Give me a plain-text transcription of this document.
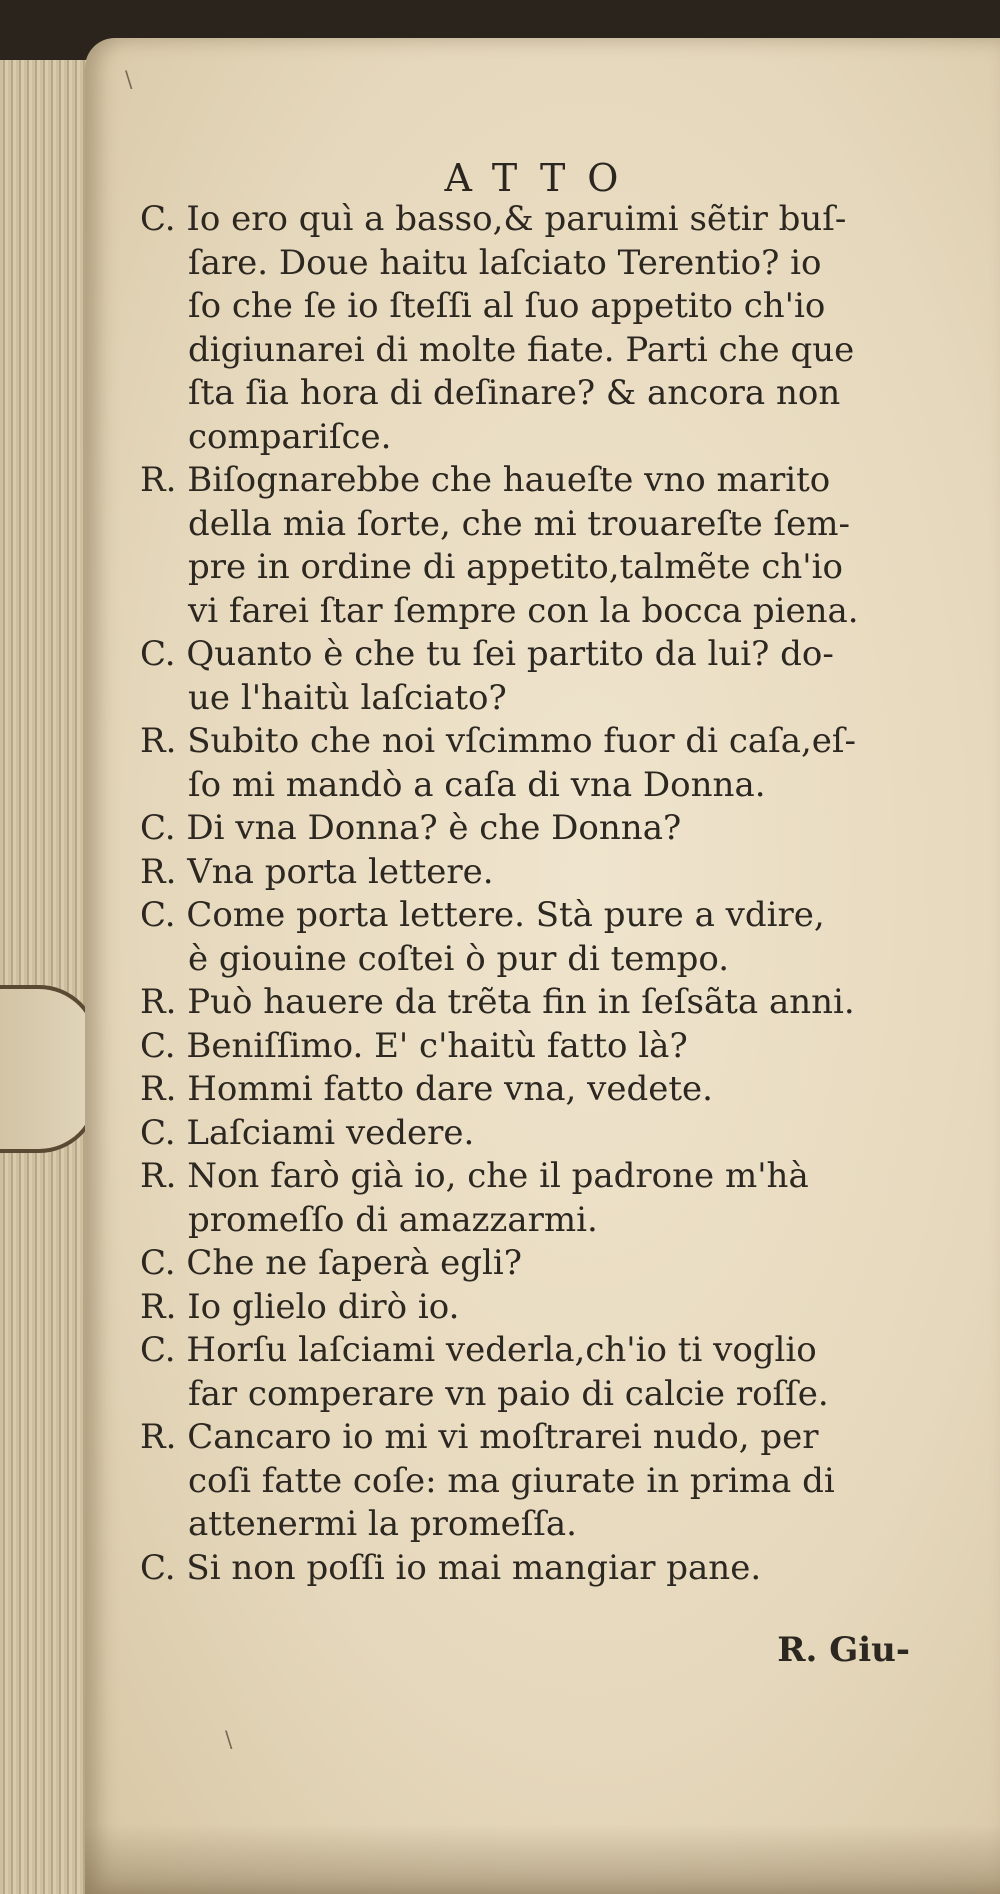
\
ATTO
C. Io ero quì a basso,& paruimi sẽtir buſ-
ſare. Doue haitu laſciato Terentio? io
ſo che ſe io ſteſſi al ſuo appetito ch'io
digiunarei di molte fiate. Parti che que
ſta ſia hora di deſinare? & ancora non
compariſce.
R. Biſognarebbe che haueſte vno marito
della mia ſorte, che mi trouareſte ſem-
pre in ordine di appetito,talmẽte ch'io
vi farei ſtar ſempre con la bocca piena.
C. Quanto è che tu ſei partito da lui? do-
ue l'haitù laſciato?
R. Subito che noi vſcimmo fuor di caſa,eſ-
ſo mi mandò a caſa di vna Donna.
C. Di vna Donna? è che Donna?
R. Vna porta lettere.
C. Come porta lettere. Stà pure a vdire,
è giouine coſtei ò pur di tempo.
R. Può hauere da trẽta fin in ſeſsãta anni.
C. Beniſſimo. E' c'haitù fatto là?
R. Hommi fatto dare vna, vedete.
C. Laſciami vedere.
R. Non farò già io, che il padrone m'hà
promeſſo di amazzarmi.
C. Che ne ſaperà egli?
R. Io glielo dirò io.
C. Horſu laſciami vederla,ch'io ti voglio
far comperare vn paio di calcie roſſe.
R. Cancaro io mi vi moſtrarei nudo, per
coſi fatte coſe: ma giurate in prima di
attenermi la promeſſa.
C. Si non poſſi io mai mangiar pane.
R. Giu-
\
